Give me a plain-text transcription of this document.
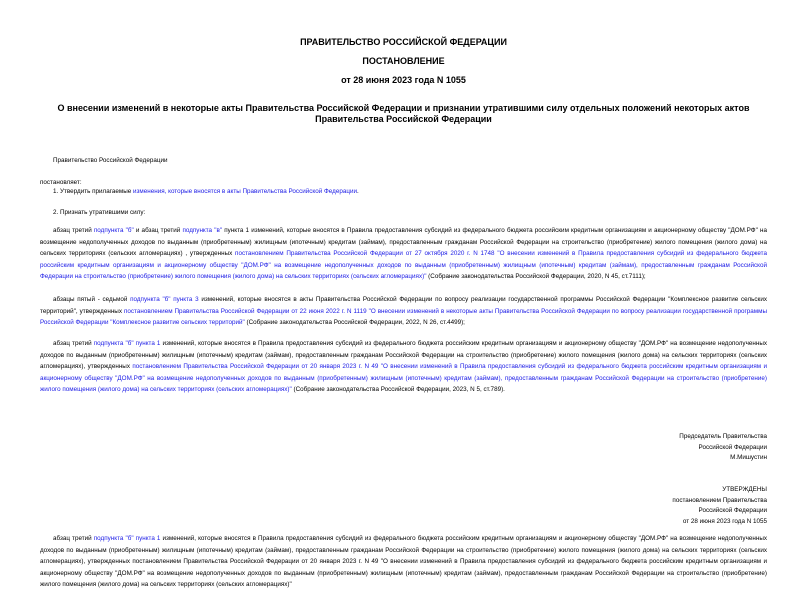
ПРАВИТЕЛЬСТВО РОССИЙСКОЙ ФЕДЕРАЦИИ
ПОСТАНОВЛЕНИЕ
от 28 июня 2023 года N 1055
О внесении изменений в некоторые акты Правительства Российской Федерации и признании утратившими силу отдельных положений некоторых актов Правительства Российской Федерации
Правительство Российской Федерации
постановляет:
1. Утвердить прилагаемые изменения, которые вносятся в акты Правительства Российской Федерации.
2. Признать утратившими силу:
абзац третий подпункта "б" и абзац третий подпункта "в" пункта 1 изменений, которые вносятся в Правила предоставления субсидий из федерального бюджета российским кредитным организациям и акционерному обществу "ДОМ.РФ" на возмещение недополученных доходов по выданным (приобретенным) жилищным (ипотечным) кредитам (займам), предоставленным гражданам Российской Федерации на строительство (приобретение) жилого помещения (жилого дома) на сельских территориях (сельских агломерациях) , утвержденных постановлением Правительства Российской Федерации от 27 октября 2020 г. N 1748 "О внесении изменений в Правила предоставления субсидий из федерального бюджета российским кредитным организациям и акционерному обществу "ДОМ.РФ" на возмещение недополученных доходов по выданным (приобретенным) жилищным (ипотечным) кредитам (займам), предоставленным гражданам Российской Федерации на строительство (приобретение) жилого помещения (жилого дома) на сельских территориях (сельских агломерациях)" (Собрание законодательства Российской Федерации, 2020, N 45, ст.7111);
абзацы пятый - седьмой подпункта "б" пункта 3 изменений, которые вносятся в акты Правительства Российской Федерации по вопросу реализации государственной программы Российской Федерации "Комплексное развитие сельских территорий", утвержденных постановлением Правительства Российской Федерации от 22 июня 2022 г. N 1119 "О внесении изменений в некоторые акты Правительства Российской Федерации по вопросу реализации государственной программы Российской Федерации "Комплексное развитие сельских территорий" (Собрание законодательства Российской Федерации, 2022, N 26, ст.4499);
абзац третий подпункта "б" пункта 1 изменений, которые вносятся в Правила предоставления субсидий из федерального бюджета российским кредитным организациям и акционерному обществу "ДОМ.РФ" на возмещение недополученных доходов по выданным (приобретенным) жилищным (ипотечным) кредитам (займам), предоставленным гражданам Российской Федерации на строительство (приобретение) жилого помещения (жилого дома) на сельских территориях (сельских агломерациях), утвержденных постановлением Правительства Российской Федерации от 20 января 2023 г. N 49 "О внесении изменений в Правила предоставления субсидий из федерального бюджета российским кредитным организациям и акционерному обществу "ДОМ.РФ" на возмещение недополученных доходов по выданным (приобретенным) жилищным (ипотечным) кредитам (займам), предоставленным гражданам Российской Федерации на строительство (приобретение) жилого помещения (жилого дома) на сельских территориях (сельских агломерациях)" (Собрание законодательства Российской Федерации, 2023, N 5, ст.789).
Председатель Правительства
Российской Федерации
М.Мишустин
УТВЕРЖДЕНЫ
постановлением Правительства
Российской Федерации
от 28 июня 2023 года N 1055
абзац третий подпункта "б" пункта 1 изменений, которые вносятся в Правила предоставления субсидий из федерального бюджета российским кредитным организациям и акционерному обществу "ДОМ.РФ" на возмещение недополученных доходов по выданным (приобретенным) жилищным (ипотечным) кредитам (займам), предоставленным гражданам Российской Федерации на строительство (приобретение) жилого помещения (жилого дома) на сельских территориях (сельских агломерациях), утвержденных постановлением Правительства Российской Федерации от 20 января 2023 г. N 49 "О внесении изменений в Правила предоставления субсидий из федерального бюджета российским кредитным организациям и акционерному обществу "ДОМ.РФ" на возмещение недополученных доходов по выданным (приобретенным) жилищным (ипотечным) кредитам (займам), предоставленным гражданам Российской Федерации на строительство (приобретение) жилого помещения (жилого дома) на сельских территориях (сельских агломерациях)"
